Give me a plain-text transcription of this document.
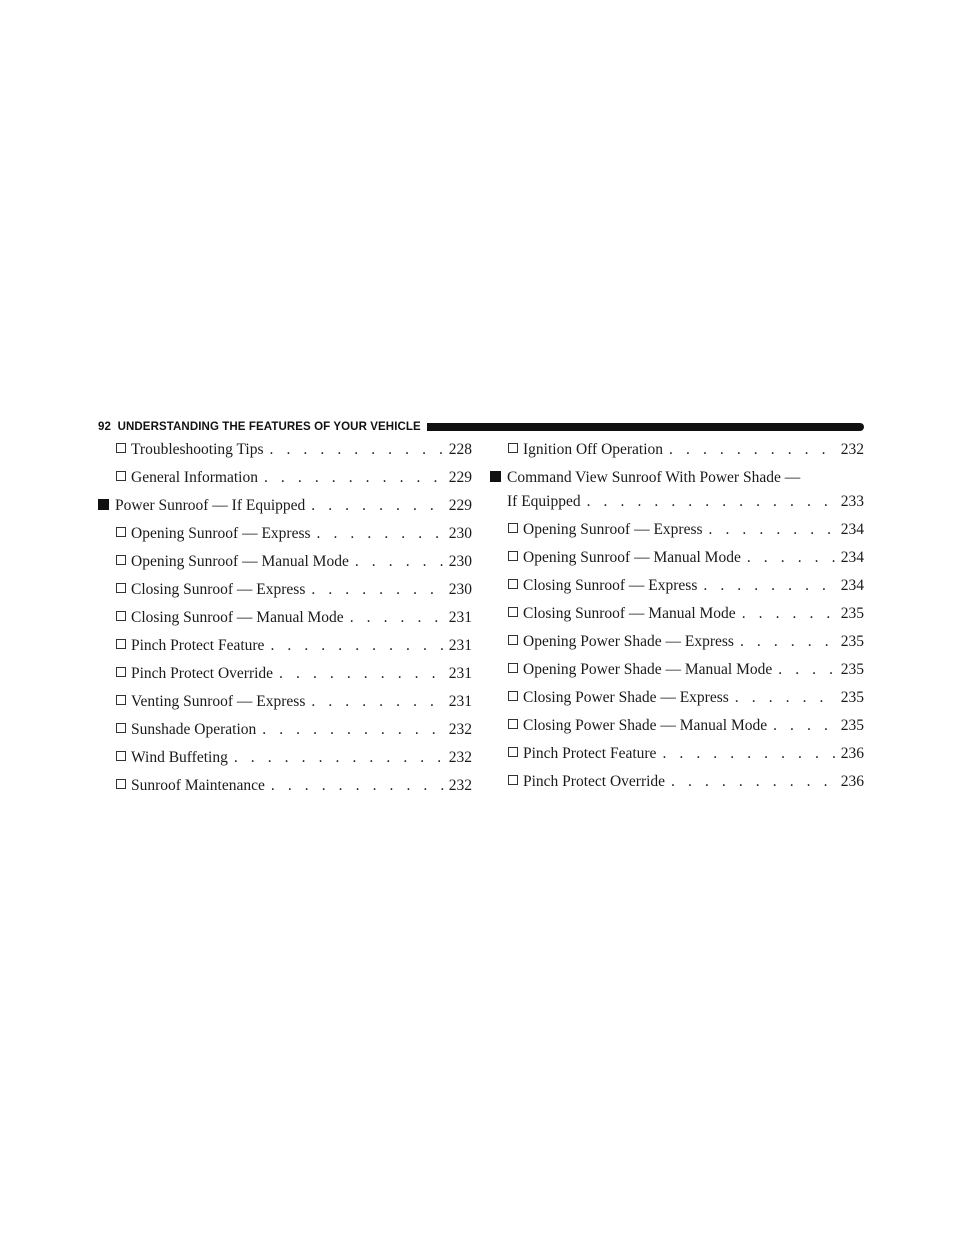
92 UNDERSTANDING THE FEATURES OF YOUR VEHICLE
Troubleshooting Tips . . .	228
General Information . . .	229
Power Sunroof — If Equipped . . .	229
Opening Sunroof — Express . . .	230
Opening Sunroof — Manual Mode . . .	230
Closing Sunroof — Express . . .	230
Closing Sunroof — Manual Mode . . .	231
Pinch Protect Feature . . .	231
Pinch Protect Override . . .	231
Venting Sunroof — Express . . .	231
Sunshade Operation . . .	232
Wind Buffeting . . .	232
Sunroof Maintenance . . .	232
Ignition Off Operation . . .	232
Command View Sunroof With Power Shade —
If Equipped . . .	233
Opening Sunroof — Express . . .	234
Opening Sunroof — Manual Mode . . .	234
Closing Sunroof — Express . . .	234
Closing Sunroof — Manual Mode . . .	235
Opening Power Shade — Express . . .	235
Opening Power Shade — Manual Mode . . .	235
Closing Power Shade — Express . . .	235
Closing Power Shade — Manual Mode . . .	235
Pinch Protect Feature . . .	236
Pinch Protect Override . . .	236
